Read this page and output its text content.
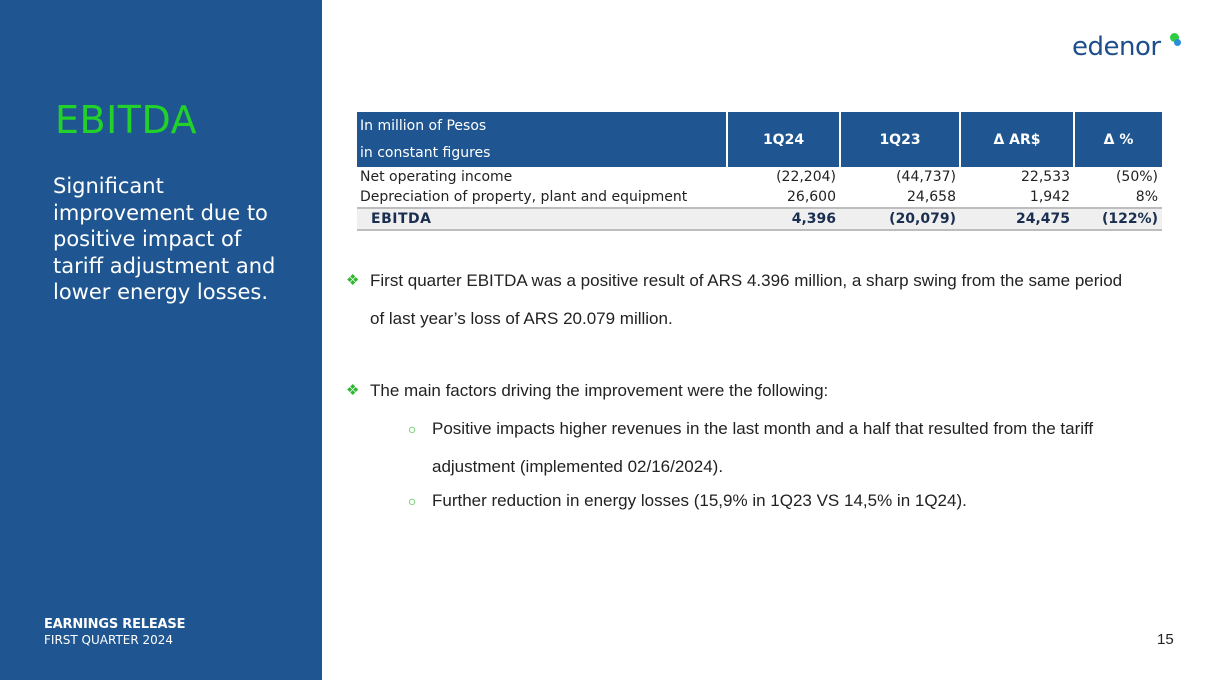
EBITDA

Significant improvement due to positive impact of tariff adjustment and lower energy losses.

EARNINGS RELEASE
FIRST QUARTER 2024
edenor
In million of Pesos
in constant figures	1Q24	1Q23	Δ AR$	Δ %
Net operating income	(22,204)	(44,737)	22,533	(50%)
Depreciation of property, plant and equipment	26,600	24,658	1,942	8%
EBITDA	4,396	(20,079)	24,475	(122%)
❖ First quarter EBITDA was a positive result of ARS 4.396 million, a sharp swing from the same period
of last year’s loss of ARS 20.079 million.
❖ The main factors driving the improvement were the following:
○ Positive impacts higher revenues in the last month and a half that resulted from the tariff
adjustment (implemented 02/16/2024).
○ Further reduction in energy losses (15,9% in 1Q23 VS 14,5% in 1Q24).
15
